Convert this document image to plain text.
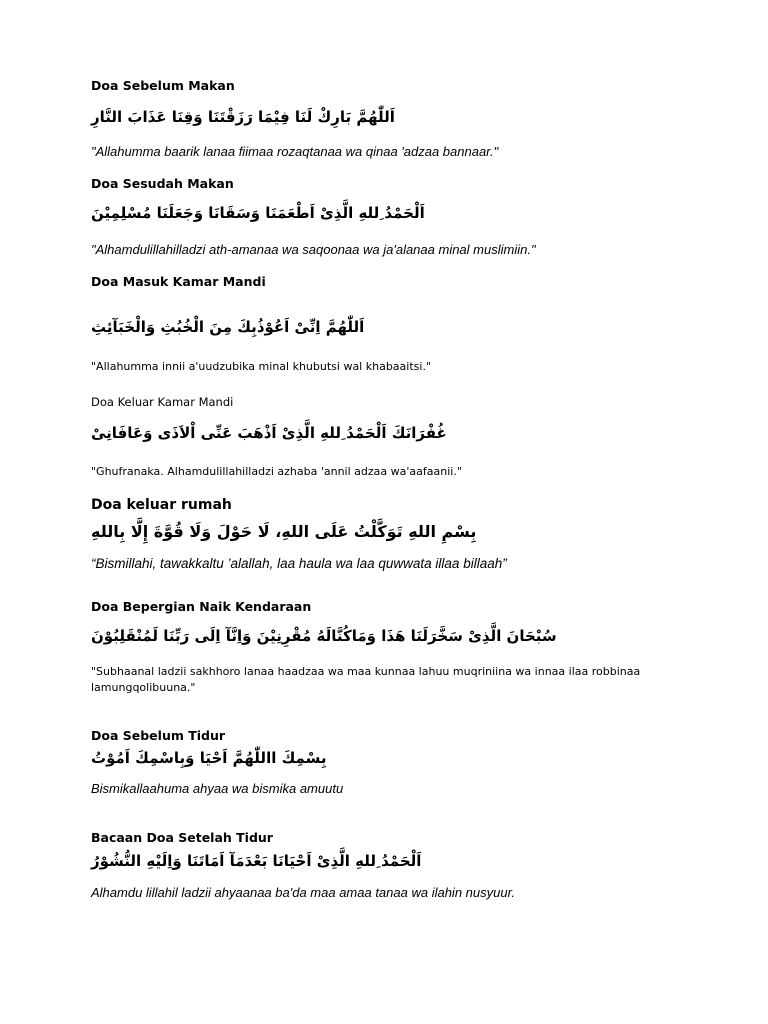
Doa Sebelum Makan
اَللّٰهُمَّ بَارِكْ لَنَا فِيْمَا رَزَقْتَنَا وَقِنَا عَذَابَ النَّارِ
"Allahumma baarik lanaa fiimaa rozaqtanaa wa qinaa 'adzaa bannaar."
Doa Sesudah Makan
اَلْحَمْدُ ِللهِ الَّذِىْ اَطْعَمَنَا وَسَقَانَا وَجَعَلَنَا مُسْلِمِيْنَ
"Alhamdulillahilladzi ath-amanaa wa saqoonaa wa ja'alanaa minal muslimiin."
Doa Masuk Kamar Mandi
اَللّٰهُمَّ اِنِّىْ اَعُوْذُبِكَ مِنَ الْخُبُثِ وَالْخَبَآئِثِ
"Allahumma innii a'uudzubika minal khubutsi wal khabaaitsi."
Doa Keluar Kamar Mandi
غُفْرَانَكَ اَلْحَمْدُ ِللهِ الَّذِىْ اَذْهَبَ عَنِّى اْلاَذَى وَعَافَانِىْ
"Ghufranaka. Alhamdulillahilladzi azhaba 'annil adzaa wa'aafaanii."
Doa keluar rumah
بِسْمِ اللهِ تَوَكَّلْتُ عَلَى اللهِ، لَا حَوْلَ وَلَا قُوَّةَ إِلَّا بِاللهِ
“Bismillahi, tawakkaltu ’alallah, laa haula wa laa quwwata illaa billaah”
Doa Bepergian Naik Kendaraan
سُبْحَانَ الَّذِىْ سَخَّرَلَنَا هَذَا وَمَاكُنَّالَهُ مُقْرِنِيْنَ وَاِنَّآ اِلَى رَبِّنَا لَمُنْقَلِبُوْنَ
"Subhaanal ladzii sakhhoro lanaa haadzaa wa maa kunnaa lahuu muqriniina wa innaa ilaa robbinaa
lamungqolibuuna."
Doa Sebelum Tidur
بِسْمِكَ االلّٰهُمَّ اَحْيَا وَبِاسْمِكَ اَمُوْتُ
Bismikallaahuma ahyaa wa bismika amuutu
Bacaan Doa Setelah Tidur
اَلْحَمْدُ ِللهِ الَّذِىْ اَحْيَانَا بَعْدَمَآ اَمَاتَنَا وَاِلَيْهِ النُّشُوْرُ
Alhamdu lillahil ladzii ahyaanaa ba'da maa amaa tanaa wa ilahin nusyuur.
